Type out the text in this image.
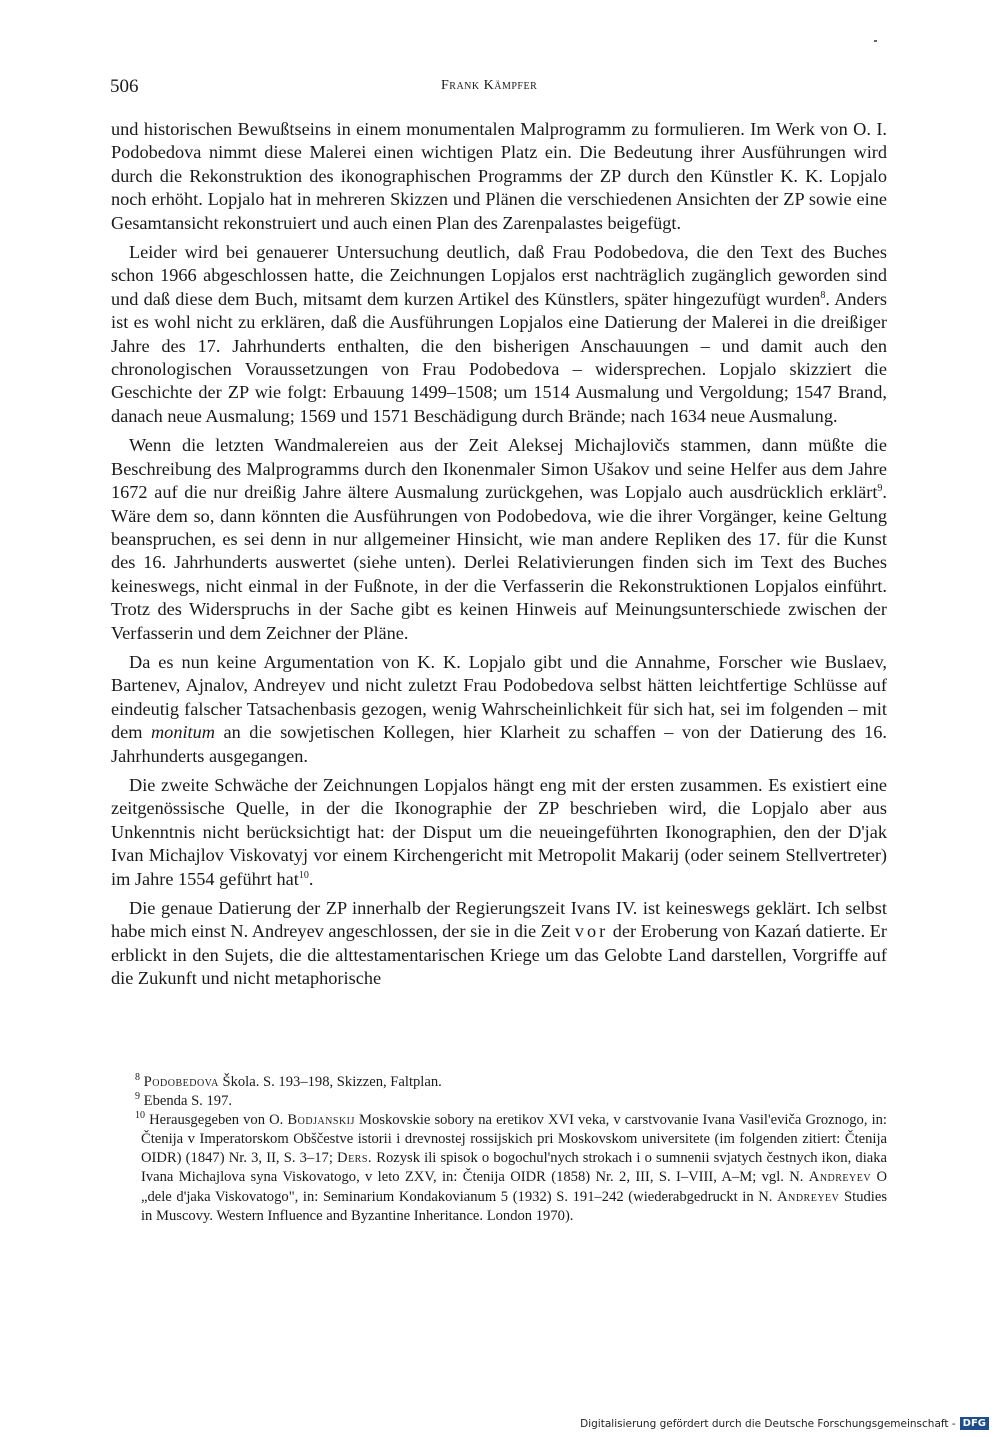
506	Frank Kämpfer

und historischen Bewußtseins in einem monumentalen Malprogramm zu formulieren. Im Werk von O. I. Podobedova nimmt diese Malerei einen wichtigen Platz ein. Die Bedeutung ihrer Ausführungen wird durch die Rekonstruktion des ikonographischen Programms der ZP durch den Künstler K. K. Lopjalo noch erhöht. Lopjalo hat in mehreren Skizzen und Plänen die verschiedenen Ansichten der ZP sowie eine Gesamtansicht rekonstruiert und auch einen Plan des Zarenpalastes beigefügt.

Leider wird bei genauerer Untersuchung deutlich, daß Frau Podobedova, die den Text des Buches schon 1966 abgeschlossen hatte, die Zeichnungen Lopjalos erst nachträglich zugänglich geworden sind und daß diese dem Buch, mitsamt dem kurzen Artikel des Künstlers, später hingezufügt wurden$^8$. Anders ist es wohl nicht zu erklären, daß die Ausführungen Lopjalos eine Datierung der Malerei in die dreißiger Jahre des 17. Jahrhunderts enthalten, die den bisherigen Anschauungen – und damit auch den chronologischen Voraussetzungen von Frau Podobedova – widersprechen. Lopjalo skizziert die Geschichte der ZP wie folgt: Erbauung 1499–1508; um 1514 Ausmalung und Vergoldung; 1547 Brand, danach neue Ausmalung; 1569 und 1571 Beschädigung durch Brände; nach 1634 neue Ausmalung.

Wenn die letzten Wandmalereien aus der Zeit Aleksej Michajlovičs stammen, dann müßte die Beschreibung des Malprogramms durch den Ikonenmaler Simon Ušakov und seine Helfer aus dem Jahre 1672 auf die nur dreißig Jahre ältere Ausmalung zurückgehen, was Lopjalo auch ausdrücklich erklärt$^9$. Wäre dem so, dann könnten die Ausführungen von Podobedova, wie die ihrer Vorgänger, keine Geltung beanspruchen, es sei denn in nur allgemeiner Hinsicht, wie man andere Repliken des 17. für die Kunst des 16. Jahrhunderts auswertet (siehe unten). Derlei Relativierungen finden sich im Text des Buches keineswegs, nicht einmal in der Fußnote, in der die Verfasserin die Rekonstruktionen Lopjalos einführt. Trotz des Widerspruchs in der Sache gibt es keinen Hinweis auf Meinungsunterschiede zwischen der Verfasserin und dem Zeichner der Pläne.

Da es nun keine Argumentation von K. K. Lopjalo gibt und die Annahme, Forscher wie Buslaev, Bartenev, Ajnalov, Andreyev und nicht zuletzt Frau Podobedova selbst hätten leichtfertige Schlüsse auf eindeutig falscher Tatsachenbasis gezogen, wenig Wahrscheinlichkeit für sich hat, sei im folgenden – mit dem monitum an die sowjetischen Kollegen, hier Klarheit zu schaffen – von der Datierung des 16. Jahrhunderts ausgegangen.

Die zweite Schwäche der Zeichnungen Lopjalos hängt eng mit der ersten zusammen. Es existiert eine zeitgenössische Quelle, in der die Ikonographie der ZP beschrieben wird, die Lopjalo aber aus Unkenntnis nicht berücksichtigt hat: der Disput um die neueingeführten Ikonographien, den der D'jak Ivan Michajlov Viskovatyj vor einem Kirchengericht mit Metropolit Makarij (oder seinem Stellvertreter) im Jahre 1554 geführt hat$^{10}$.

Die genaue Datierung der ZP innerhalb der Regierungszeit Ivans IV. ist keineswegs geklärt. Ich selbst habe mich einst N. Andreyev angeschlossen, der sie in die Zeit vor der Eroberung von Kazań datierte. Er erblickt in den Sujets, die die alttestamentarischen Kriege um das Gelobte Land darstellen, Vorgriffe auf die Zukunft und nicht metaphorische

$^8$ Podobedova Škola. S. 193–198, Skizzen, Faltplan.

$^9$ Ebenda S. 197.

$^{10}$ Herausgegeben von O. Bodjanskij Moskovskie sobory na eretikov XVI veka, v carstvovanie Ivana Vasil'eviča Groznogo, in: Čtenija v Imperatorskom Obščestve istorii i drevnostej rossijskich pri Moskovskom universitete (im folgenden zitiert: Čtenija OIDR) (1847) Nr. 3, II, S. 3–17; Ders. Rozysk ili spisok o bogochul'nych strokach i o sumnenii svjatych čestnych ikon, diaka Ivana Michajlova syna Viskovatogo, v leto ZXV, in: Čtenija OIDR (1858) Nr. 2, III, S. I–VIII, A–M; vgl. N. Andreyev O „dele d'jaka Viskovatogo", in: Seminarium Kondakovianum 5 (1932) S. 191–242 (wiederabgedruckt in N. Andreyev Studies in Muscovy. Western Influence and Byzantine Inheritance. London 1970).

Digitalisierung gefördert durch die Deutsche Forschungsgemeinschaft - DFG
